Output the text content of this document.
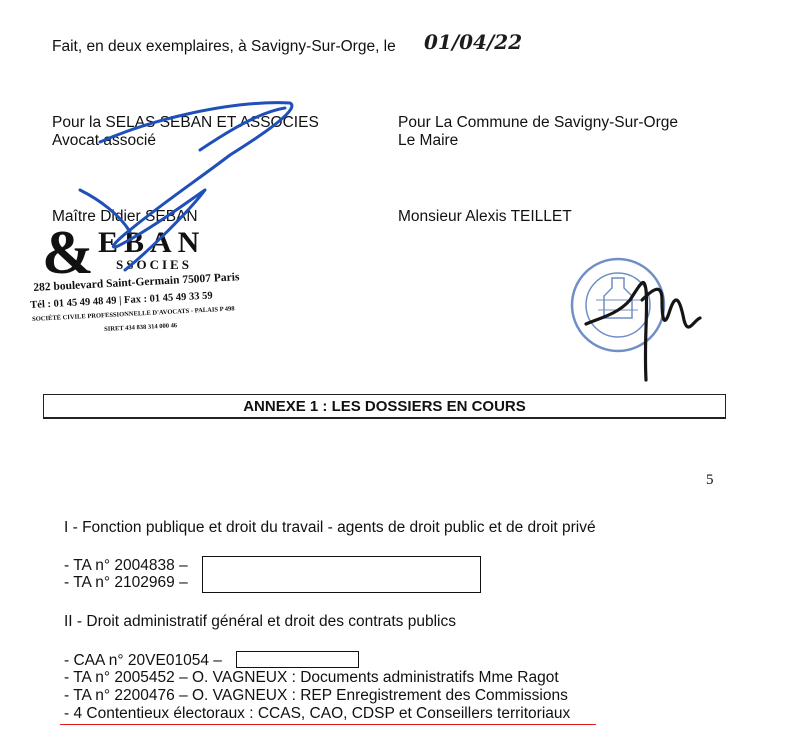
Fait, en deux exemplaires, à Savigny-Sur-Orge, le 01/04/22
Pour la SELAS SEBAN ET ASSOCIES
Avocat associé
Maître Didier SEBAN
Pour La Commune de Savigny-Sur-Orge
Le Maire
Monsieur Alexis TEILLET
& EBAN
SSOCIES
282 boulevard Saint-Germain 75007 Paris
Tél : 01 45 49 48 49 | Fax : 01 45 49 33 59
SOCIÉTÉ CIVILE PROFESSIONNELLE D'AVOCATS - PALAIS P 498
SIRET 434 838 314 000 46
ANNEXE 1 : LES DOSSIERS EN COURS
5
I - Fonction publique et droit du travail - agents de droit public et de droit privé
- TA n° 2004838 –
- TA n° 2102969 –
II - Droit administratif général et droit des contrats publics
- CAA n° 20VE01054 –
- TA n° 2005452 – O. VAGNEUX : Documents administratifs Mme Ragot
- TA n° 2200476 – O. VAGNEUX : REP Enregistrement des Commissions
- 4 Contentieux électoraux : CCAS, CAO, CDSP et Conseillers territoriaux
